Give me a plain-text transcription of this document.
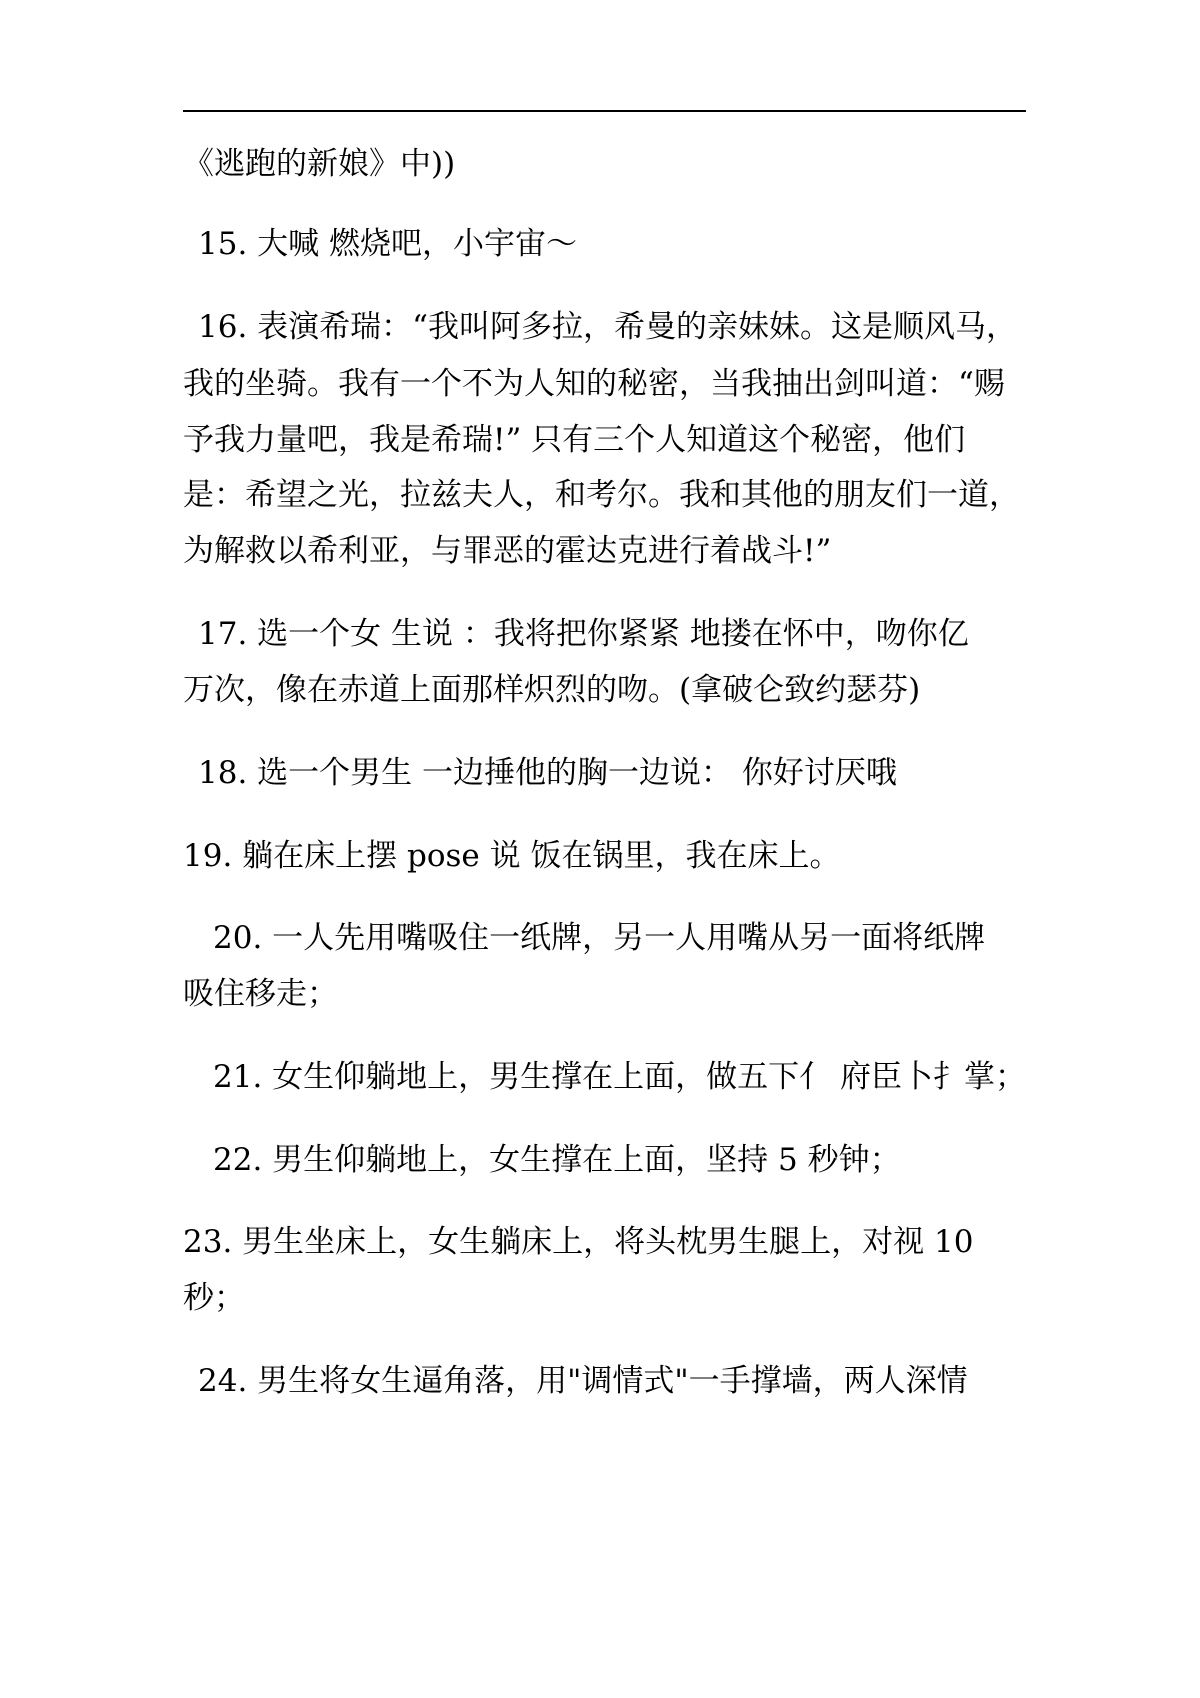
《逃跑的新娘》中))

15. 大喊 燃烧吧，小宇宙～

16. 表演希瑞：“我叫阿多拉，希曼的亲妹妹。这是顺风马，

我的坐骑。我有一个不为人知的秘密，当我抽出剑叫道：“赐

予我力量吧，我是希瑞!” 只有三个人知道这个秘密，他们

是：希望之光，拉兹夫人，和考尔。我和其他的朋友们一道，

为解救以希利亚，与罪恶的霍达克进行着战斗!”

17. 选一个女 生说 ：我将把你紧紧 地搂在怀中，吻你亿

万次，像在赤道上面那样炽烈的吻。(拿破仑致约瑟芬)

18. 选一个男生 一边捶他的胸一边说： 你好讨厌哦

19. 躺在床上摆 pose 说 饭在锅里，我在床上。

20. 一人先用嘴吸住一纸牌，另一人用嘴从另一面将纸牌

吸住移走；

21. 女生仰躺地上，男生撑在上面，做五下亻 府臣卜扌掌；

22. 男生仰躺地上，女生撑在上面，坚持 5 秒钟；

23. 男生坐床上，女生躺床上，将头枕男生腿上，对视 10

秒；

24. 男生将女生逼角落，用"调情式"一手撑墙，两人深情
